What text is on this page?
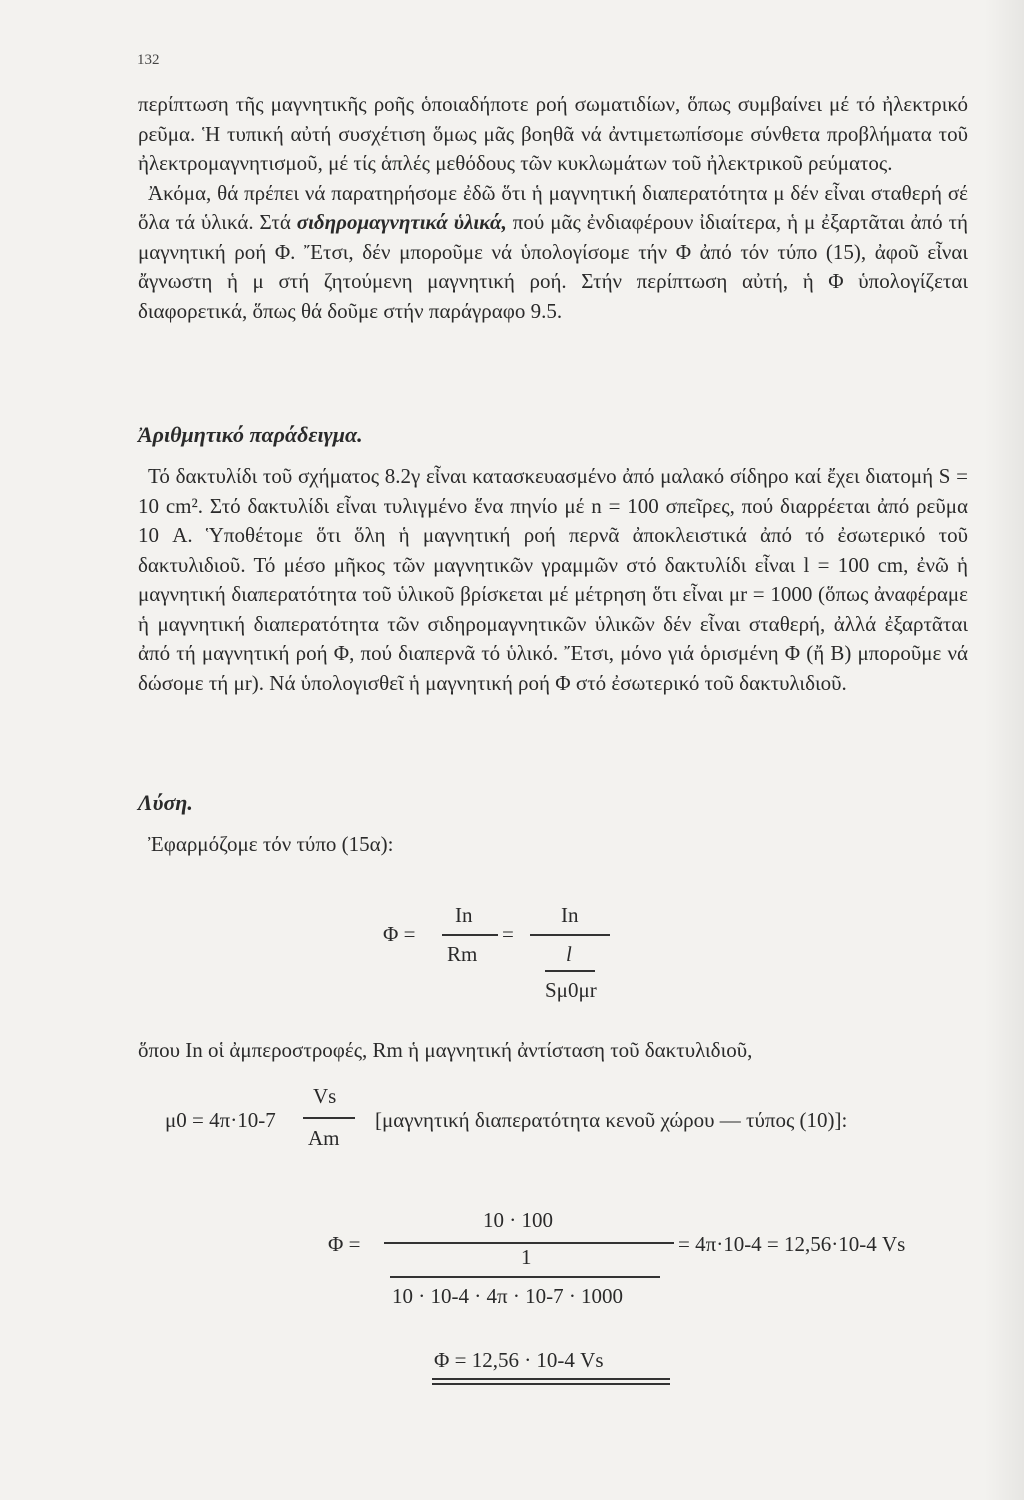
132

περίπτωση τῆς μαγνητικῆς ροῆς ὁποιαδήποτε ροή σωματιδίων, ὅπως συμβαίνει μέ τό ἠλεκτρικό ρεῦμα. Ἡ τυπική αὐτή συσχέτιση ὅμως μᾶς βοηθᾶ νά ἀντιμετωπίσομε σύνθετα προβλήματα τοῦ ἠλεκτρομαγνητισμοῦ, μέ τίς ἁπλές μεθόδους τῶν κυκλωμάτων τοῦ ἠλεκτρικοῦ ρεύματος.

Ἀκόμα, θά πρέπει νά παρατηρήσομε ἐδῶ ὅτι ἡ μαγνητική διαπερατότητα μ δέν εἶναι σταθερή σέ ὅλα τά ὑλικά. Στά σιδηρομαγνητικά ὑλικά, πού μᾶς ἐνδιαφέρουν ἰδιαίτερα, ἡ μ ἐξαρτᾶται ἀπό τή μαγνητική ροή Φ. Ἔτσι, δέν μποροῦμε νά ὑπολογίσομε τήν Φ ἀπό τόν τύπο (15), ἀφοῦ εἶναι ἄγνωστη ἡ μ στή ζητούμενη μαγνητική ροή. Στήν περίπτωση αὐτή, ἡ Φ ὑπολογίζεται διαφορετικά, ὅπως θά δοῦμε στήν παράγραφο 9.5.

Ἀριθμητικό παράδειγμα.

Τό δακτυλίδι τοῦ σχήματος 8.2γ εἶναι κατασκευασμένο ἀπό μαλακό σίδηρο καί ἔχει διατομή S = 10 cm². Στό δακτυλίδι εἶναι τυλιγμένο ἕνα πηνίο μέ n = 100 σπεῖρες, πού διαρρέεται ἀπό ρεῦμα 10 A. Ὑποθέτομε ὅτι ὅλη ἡ μαγνητική ροή περνᾶ ἀποκλειστικά ἀπό τό ἐσωτερικό τοῦ δακτυλιδιοῦ. Τό μέσο μῆκος τῶν μαγνητικῶν γραμμῶν στό δακτυλίδι εἶναι l = 100 cm, ἐνῶ ἡ μαγνητική διαπερατότητα τοῦ ὑλικοῦ βρίσκεται μέ μέτρηση ὅτι εἶναι μr = 1000 (ὅπως ἀναφέραμε ἡ μαγνητική διαπερατότητα τῶν σιδηρομαγνητικῶν ὑλικῶν δέν εἶναι σταθερή, ἀλλά ἐξαρτᾶται ἀπό τή μαγνητική ροή Φ, πού διαπερνᾶ τό ὑλικό. Ἔτσι, μόνο γιά ὁρισμένη Φ (ἤ B) μποροῦμε νά δώσομε τή μr). Νά ὑπολογισθεῖ ἡ μαγνητική ροή Φ στό ἐσωτερικό τοῦ δακτυλιδιοῦ.

Λύση.

Ἐφαρμόζομε τόν τύπο (15α):

Φ =
In
Rm
=
In
l
Sμ0μr

ὅπου In οἱ ἀμπεροστροφές, Rm ἡ μαγνητική ἀντίσταση τοῦ δακτυλιδιοῦ,

μ0 = 4π·10-7
Vs
Am
[μαγνητική διαπερατότητα κενοῦ χώρου — τύπος (10)]:
Φ =
10 · 100
1
10 · 10-4 · 4π · 10-7 · 1000
= 4π·10-4 = 12,56·10-4 Vs
Φ = 12,56 · 10-4 Vs
